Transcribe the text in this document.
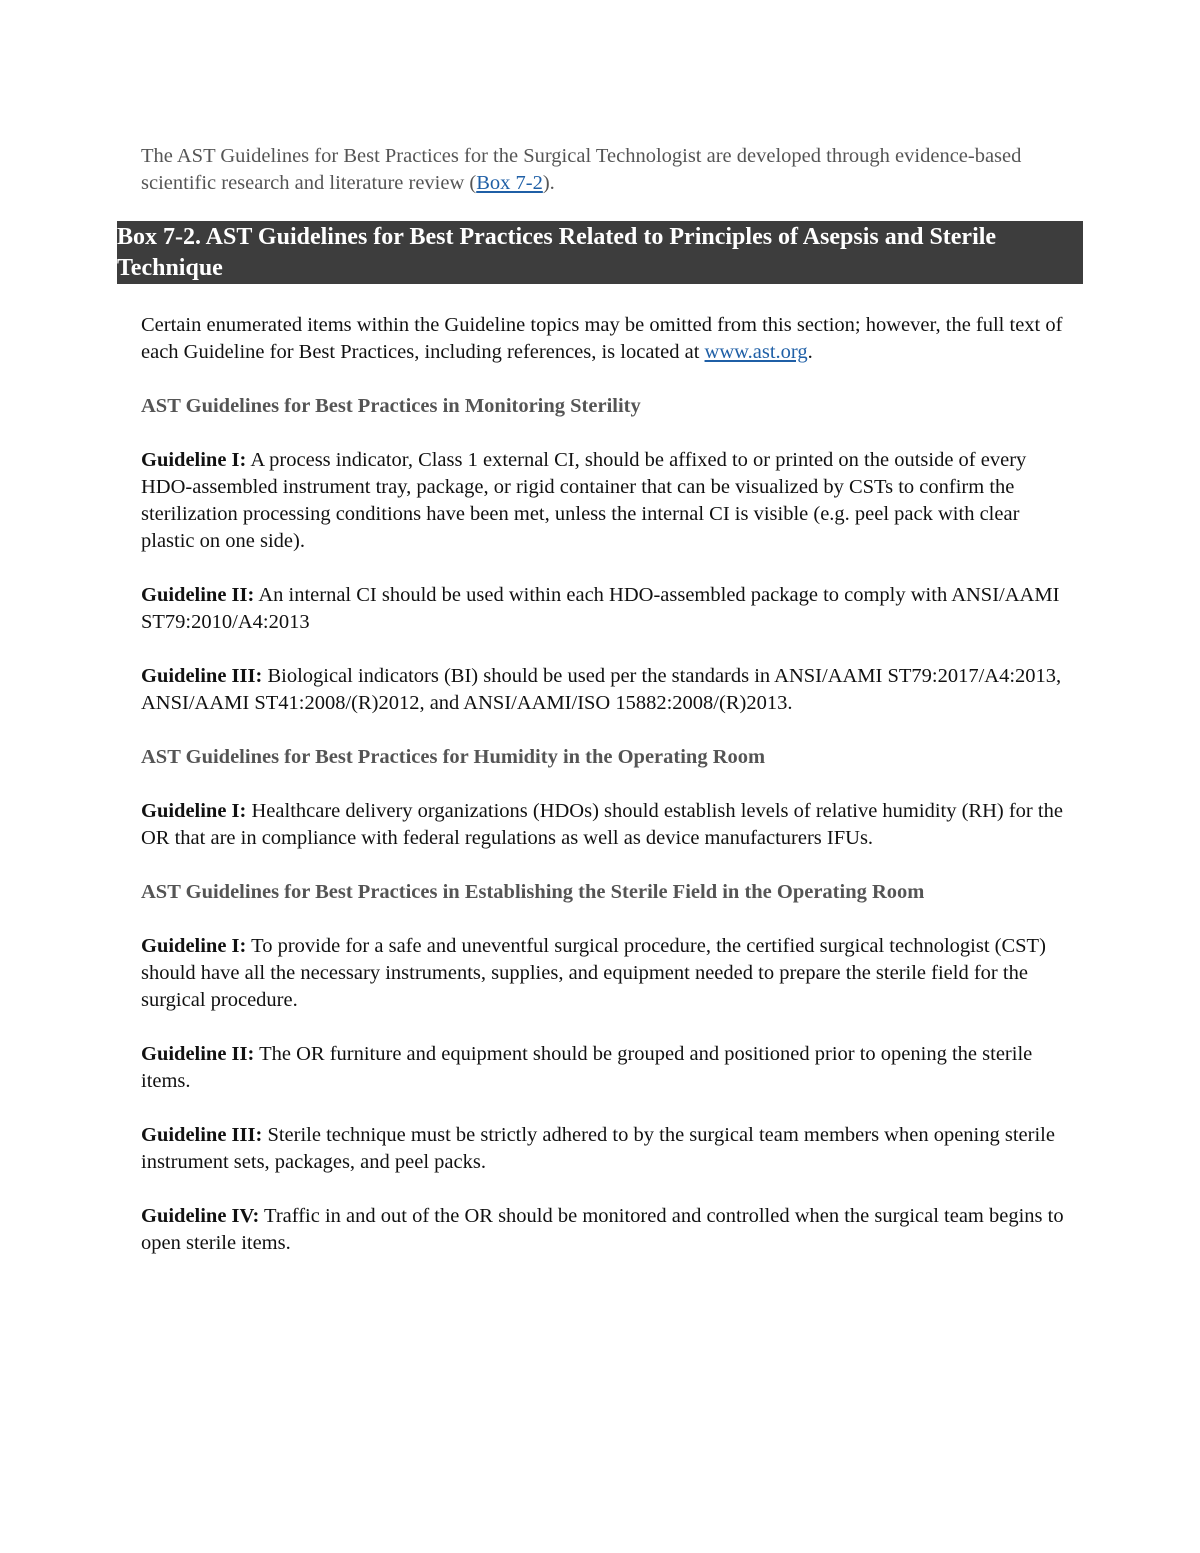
The AST Guidelines for Best Practices for the Surgical Technologist are developed through evidence-based scientific research and literature review (Box 7-2).

Box 7-2. AST Guidelines for Best Practices Related to Principles of Asepsis and Sterile Technique

Certain enumerated items within the Guideline topics may be omitted from this section; however, the full text of each Guideline for Best Practices, including references, is located at www.ast.org.

AST Guidelines for Best Practices in Monitoring Sterility

Guideline I: A process indicator, Class 1 external CI, should be affixed to or printed on the outside of every HDO-assembled instrument tray, package, or rigid container that can be visualized by CSTs to confirm the sterilization processing conditions have been met, unless the internal CI is visible (e.g. peel pack with clear plastic on one side).

Guideline II: An internal CI should be used within each HDO-assembled package to comply with ANSI/AAMI ST79:2010/A4:2013

Guideline III: Biological indicators (BI) should be used per the standards in ANSI/AAMI ST79:2017/A4:2013, ANSI/AAMI ST41:2008/(R)2012, and ANSI/AAMI/ISO 15882:2008/(R)2013.

AST Guidelines for Best Practices for Humidity in the Operating Room

Guideline I: Healthcare delivery organizations (HDOs) should establish levels of relative humidity (RH) for the OR that are in compliance with federal regulations as well as device manufacturers IFUs.

AST Guidelines for Best Practices in Establishing the Sterile Field in the Operating Room

Guideline I: To provide for a safe and uneventful surgical procedure, the certified surgical technologist (CST) should have all the necessary instruments, supplies, and equipment needed to prepare the sterile field for the surgical procedure.

Guideline II: The OR furniture and equipment should be grouped and positioned prior to opening the sterile items.

Guideline III: Sterile technique must be strictly adhered to by the surgical team members when opening sterile instrument sets, packages, and peel packs.

Guideline IV: Traffic in and out of the OR should be monitored and controlled when the surgical team begins to open sterile items.
